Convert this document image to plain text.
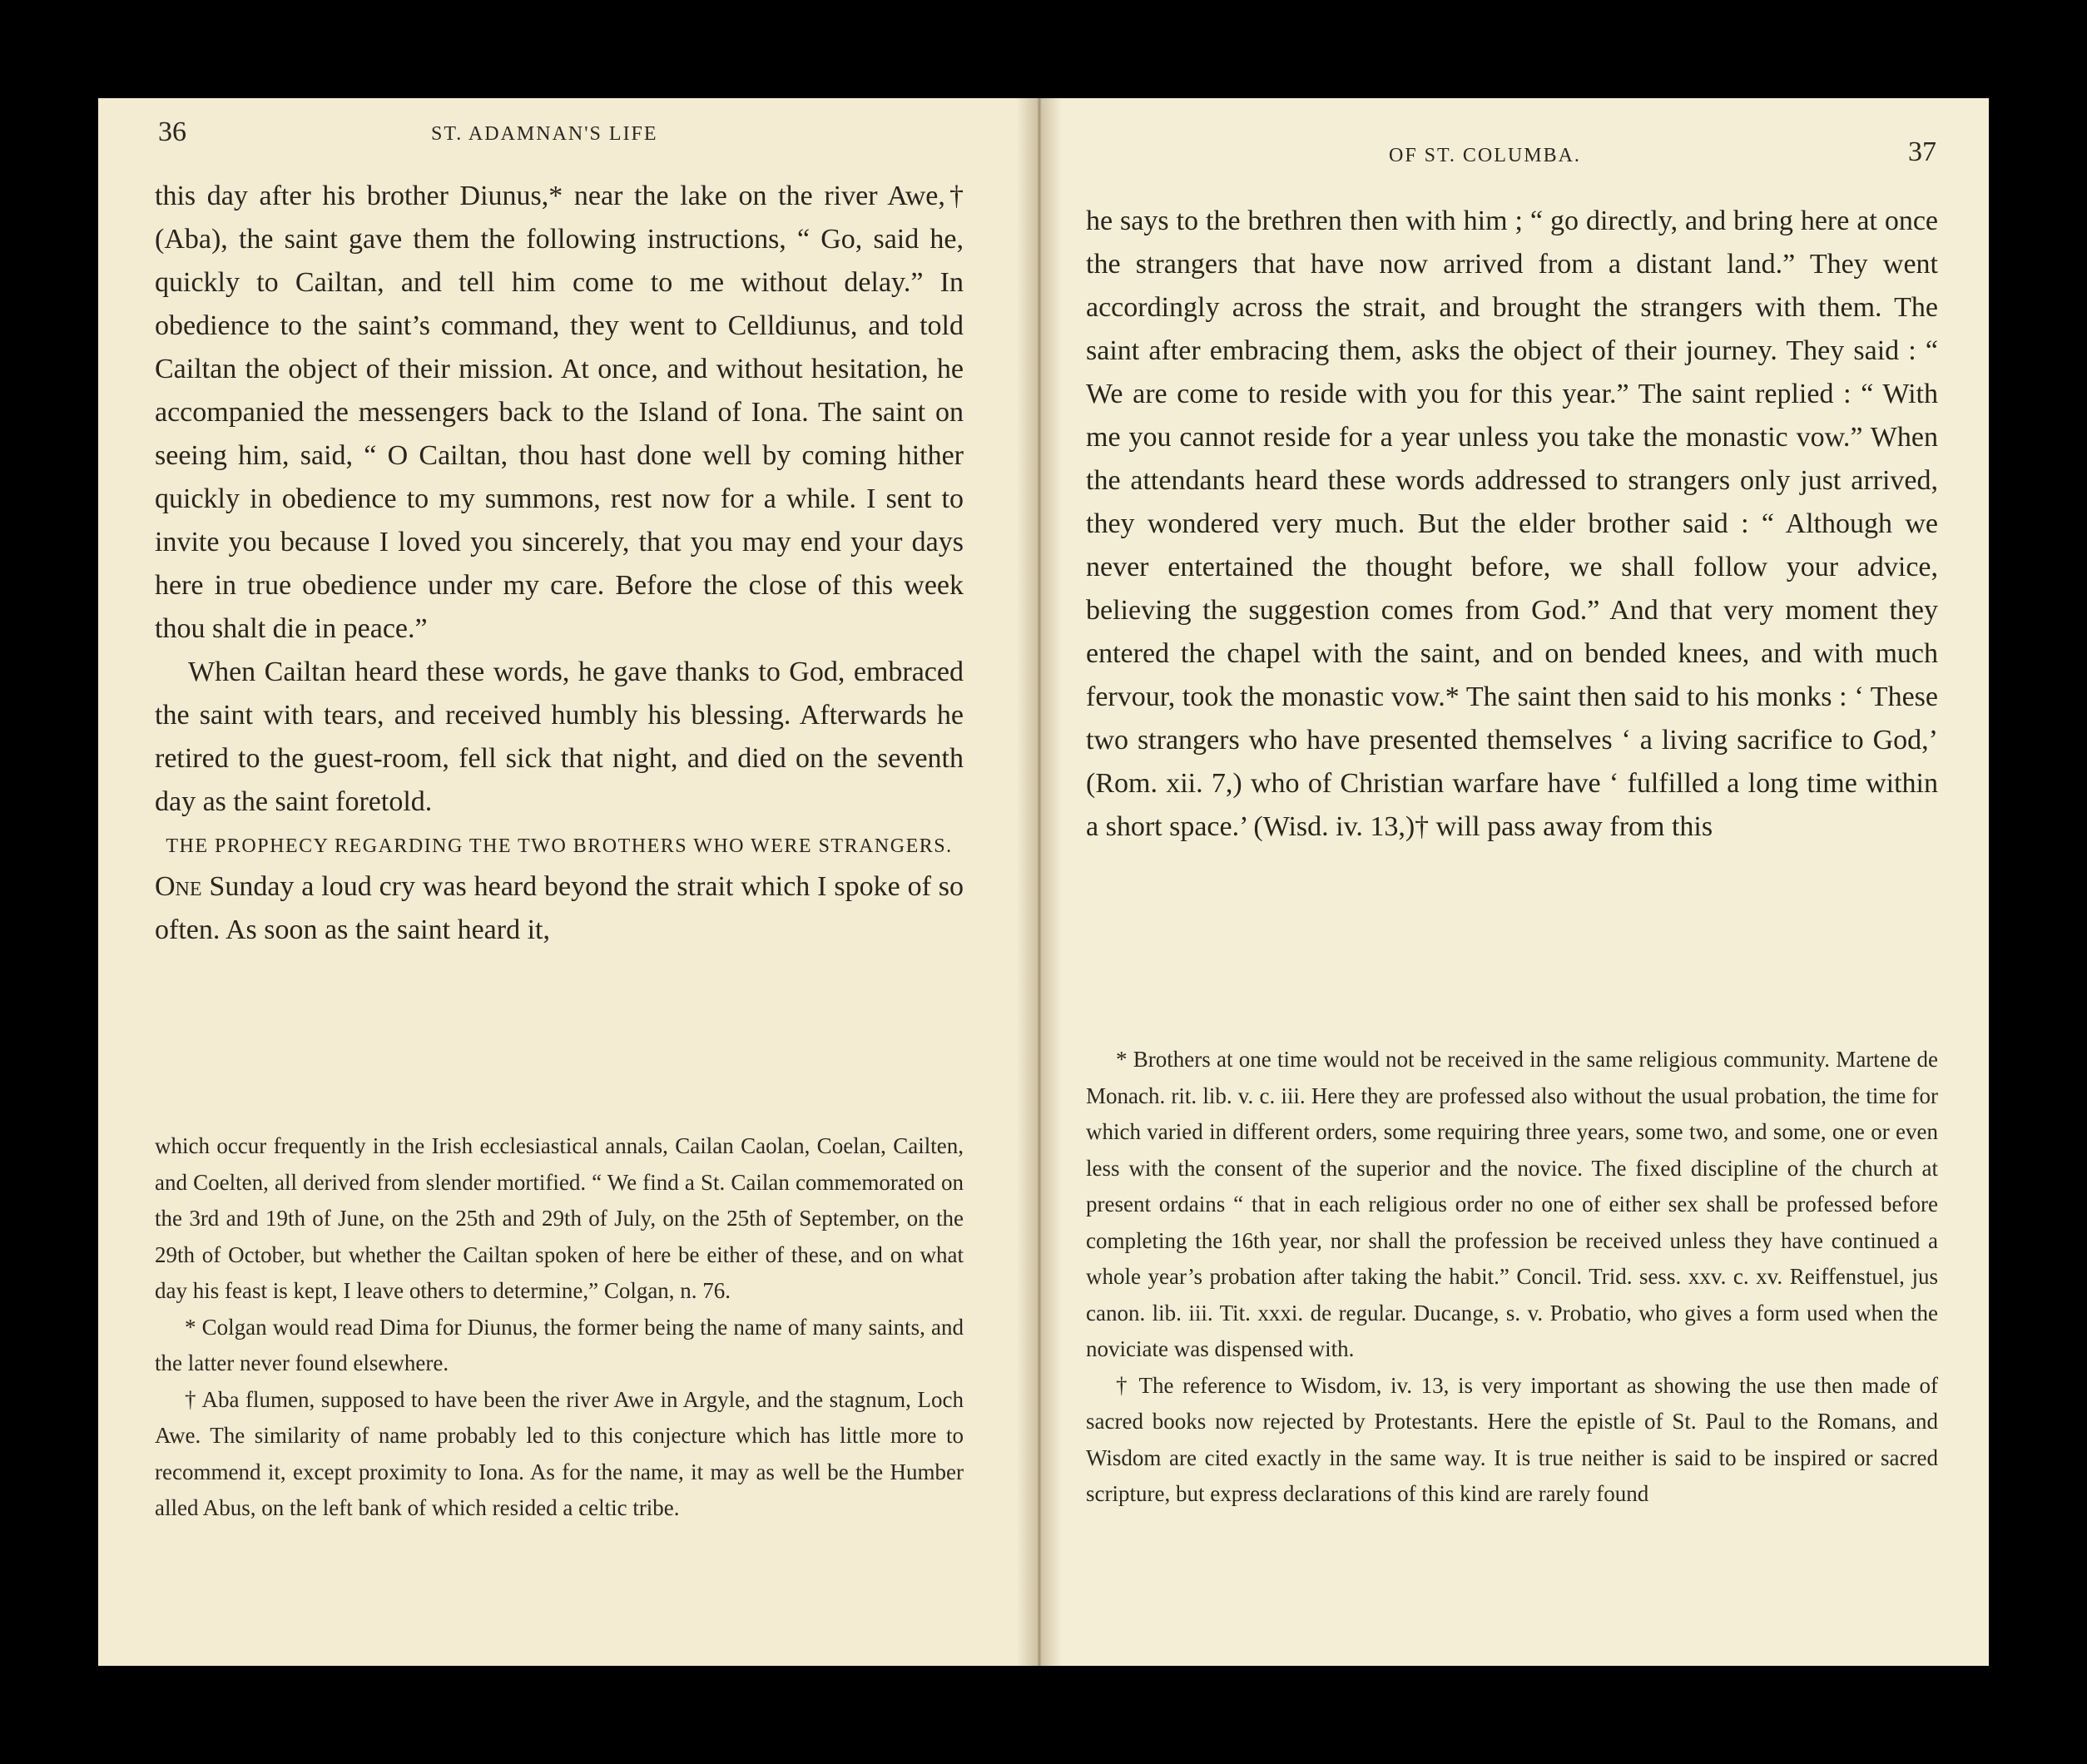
36	ST. ADAMNAN'S LIFE

this day after his brother Diunus,* near the lake on the river Awe,† (Aba), the saint gave them the following instructions, “ Go, said he, quickly to Cailtan, and tell him come to me without delay.” In obedience to the saint’s command, they went to Celldiunus, and told Cailtan the object of their mission. At once, and without hesitation, he accompanied the messengers back to the Island of Iona. The saint on seeing him, said, “ O Cailtan, thou hast done well by coming hither quickly in obedience to my summons, rest now for a while. I sent to invite you because I loved you sincerely, that you may end your days here in true obedience under my care. Before the close of this week thou shalt die in peace.”

When Cailtan heard these words, he gave thanks to God, embraced the saint with tears, and received humbly his blessing. Afterwards he retired to the guest-room, fell sick that night, and died on the seventh day as the saint foretold.

THE PROPHECY REGARDING THE TWO BROTHERS WHO WERE STRANGERS.

One Sunday a loud cry was heard beyond the strait which I spoke of so often. As soon as the saint heard it,

which occur frequently in the Irish ecclesiastical annals, Cailan Caolan, Coelan, Cailten, and Coelten, all derived from slender mortified. “ We find a St. Cailan commemorated on the 3rd and 19th of June, on the 25th and 29th of July, on the 25th of September, on the 29th of October, but whether the Cailtan spoken of here be either of these, and on what day his feast is kept, I leave others to determine,” Colgan, n. 76.

* Colgan would read Dima for Diunus, the former being the name of many saints, and the latter never found elsewhere.

† Aba flumen, supposed to have been the river Awe in Argyle, and the stagnum, Loch Awe. The similarity of name probably led to this conjecture which has little more to recommend it, except proximity to Iona. As for the name, it may as well be the Humber alled Abus, on the left bank of which resided a celtic tribe.

OF ST. COLUMBA.	37

he says to the brethren then with him ; “ go directly, and bring here at once the strangers that have now arrived from a distant land.” They went accordingly across the strait, and brought the strangers with them. The saint after embracing them, asks the object of their journey. They said : “ We are come to reside with you for this year.” The saint replied : “ With me you cannot reside for a year unless you take the monastic vow.” When the attendants heard these words addressed to strangers only just arrived, they wondered very much. But the elder brother said : “ Although we never entertained the thought before, we shall follow your advice, believing the suggestion comes from God.” And that very moment they entered the chapel with the saint, and on bended knees, and with much fervour, took the monastic vow.* The saint then said to his monks : ‘ These two strangers who have presented themselves ‘ a living sacrifice to God,’ (Rom. xii. 7,) who of Christian warfare have ‘ fulfilled a long time within a short space.’ (Wisd. iv. 13,)† will pass away from this

* Brothers at one time would not be received in the same religious community. Martene de Monach. rit. lib. v. c. iii. Here they are professed also without the usual probation, the time for which varied in different orders, some requiring three years, some two, and some, one or even less with the consent of the superior and the novice. The fixed discipline of the church at present ordains “ that in each religious order no one of either sex shall be professed before completing the 16th year, nor shall the profession be received unless they have continued a whole year’s probation after taking the habit.” Concil. Trid. sess. xxv. c. xv. Reiffenstuel, jus canon. lib. iii. Tit. xxxi. de regular. Ducange, s. v. Probatio, who gives a form used when the noviciate was dispensed with.

† The reference to Wisdom, iv. 13, is very important as showing the use then made of sacred books now rejected by Protestants. Here the epistle of St. Paul to the Romans, and Wisdom are cited exactly in the same way. It is true neither is said to be inspired or sacred scripture, but express declarations of this kind are rarely found
